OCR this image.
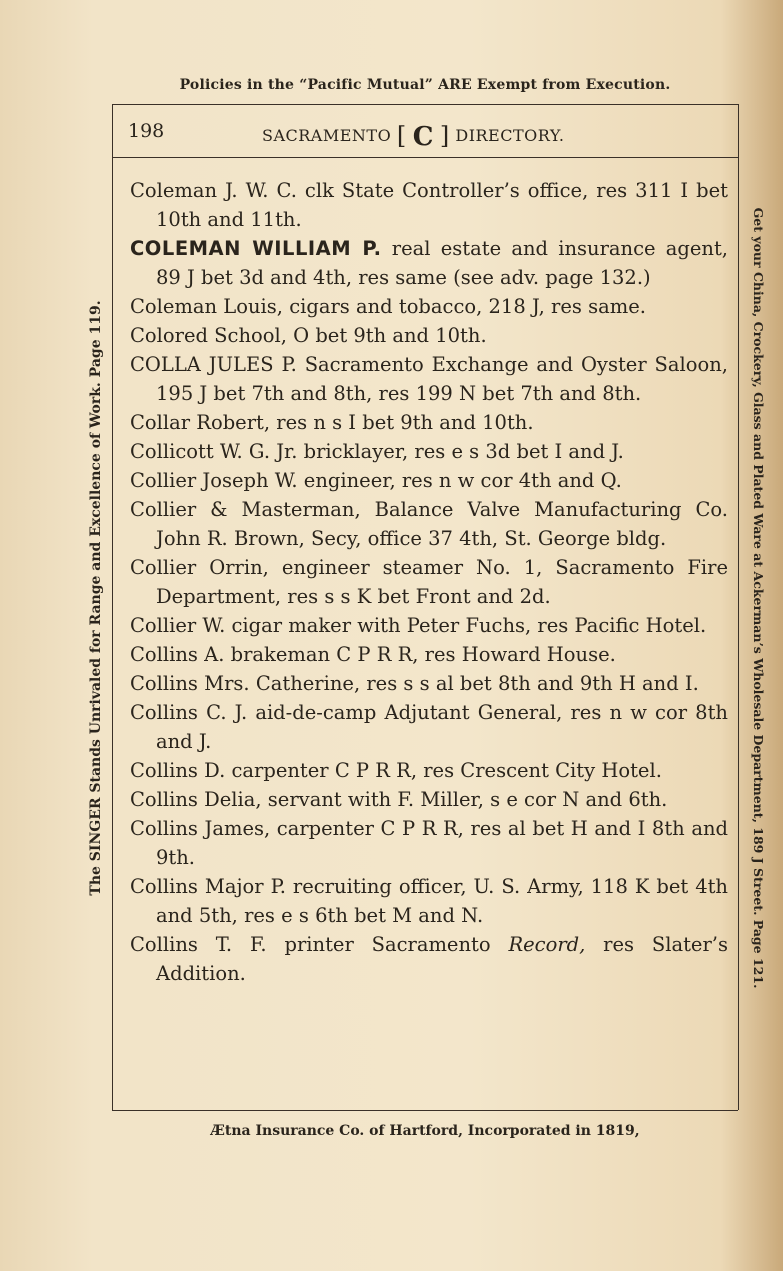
Policies in the “Pacific Mutual” ARE Exempt from Execution.
198	SACRAMENTO [ C ] DIRECTORY.

Coleman J. W. C. clk State Controller’s office, res 311 I bet 10th and 11th.

COLEMAN WILLIAM P. real estate and insurance agent, 89 J bet 3d and 4th, res same (see adv. page 132.)

Coleman Louis, cigars and tobacco, 218 J, res same.

Colored School, O bet 9th and 10th.

COLLA JULES P. Sacramento Exchange and Oyster Saloon, 195 J bet 7th and 8th, res 199 N bet 7th and 8th.

Collar Robert, res n s I bet 9th and 10th.

Collicott W. G. Jr. bricklayer, res e s 3d bet I and J.

Collier Joseph W. engineer, res n w cor 4th and Q.

Collier & Masterman, Balance Valve Manufacturing Co. John R. Brown, Secy, office 37 4th, St. George bldg.

Collier Orrin, engineer steamer No. 1, Sacramento Fire Department, res s s K bet Front and 2d.

Collier W. cigar maker with Peter Fuchs, res Pacific Hotel.

Collins A. brakeman C P R R, res Howard House.

Collins Mrs. Catherine, res s s al bet 8th and 9th H and I.

Collins C. J. aid-de-camp Adjutant General, res n w cor 8th and J.

Collins D. carpenter C P R R, res Crescent City Hotel.

Collins Delia, servant with F. Miller, s e cor N and 6th.

Collins James, carpenter C P R R, res al bet H and I 8th and 9th.

Collins Major P. recruiting officer, U. S. Army, 118 K bet 4th and 5th, res e s 6th bet M and N.

Collins T. F. printer Sacramento Record, res Slater’s Addition.

Ætna Insurance Co. of Hartford, Incorporated in 1819,
The SINGER Stands Unrivaled for Range and Excellence of Work. Page 119.	Get your China, Crockery, Glass and Plated Ware at Ackerman’s Wholesale Department, 189 J Street. Page 121.
